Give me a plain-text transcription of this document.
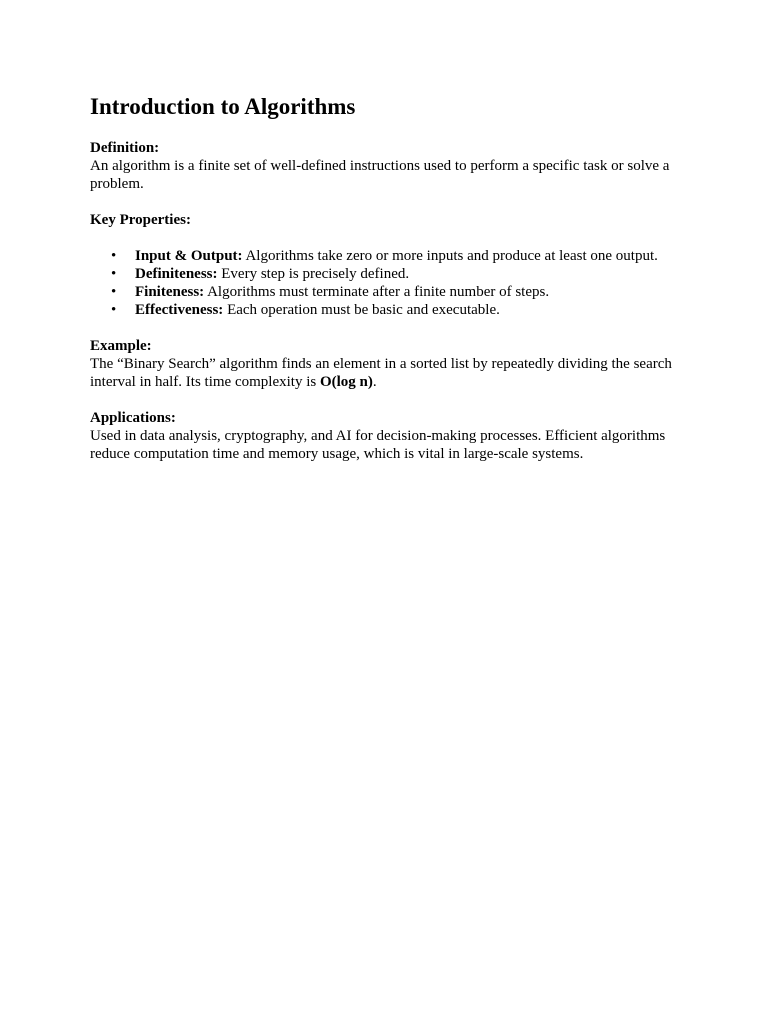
Introduction to Algorithms
Definition:
An algorithm is a finite set of well-defined instructions used to perform a specific task or solve a problem.
Key Properties:
• Input & Output: Algorithms take zero or more inputs and produce at least one output.
• Definiteness: Every step is precisely defined.
• Finiteness: Algorithms must terminate after a finite number of steps.
• Effectiveness: Each operation must be basic and executable.
Example:
The “Binary Search” algorithm finds an element in a sorted list by repeatedly dividing the search interval in half. Its time complexity is O(log n).
Applications:
Used in data analysis, cryptography, and AI for decision-making processes. Efficient algorithms reduce computation time and memory usage, which is vital in large-scale systems.
